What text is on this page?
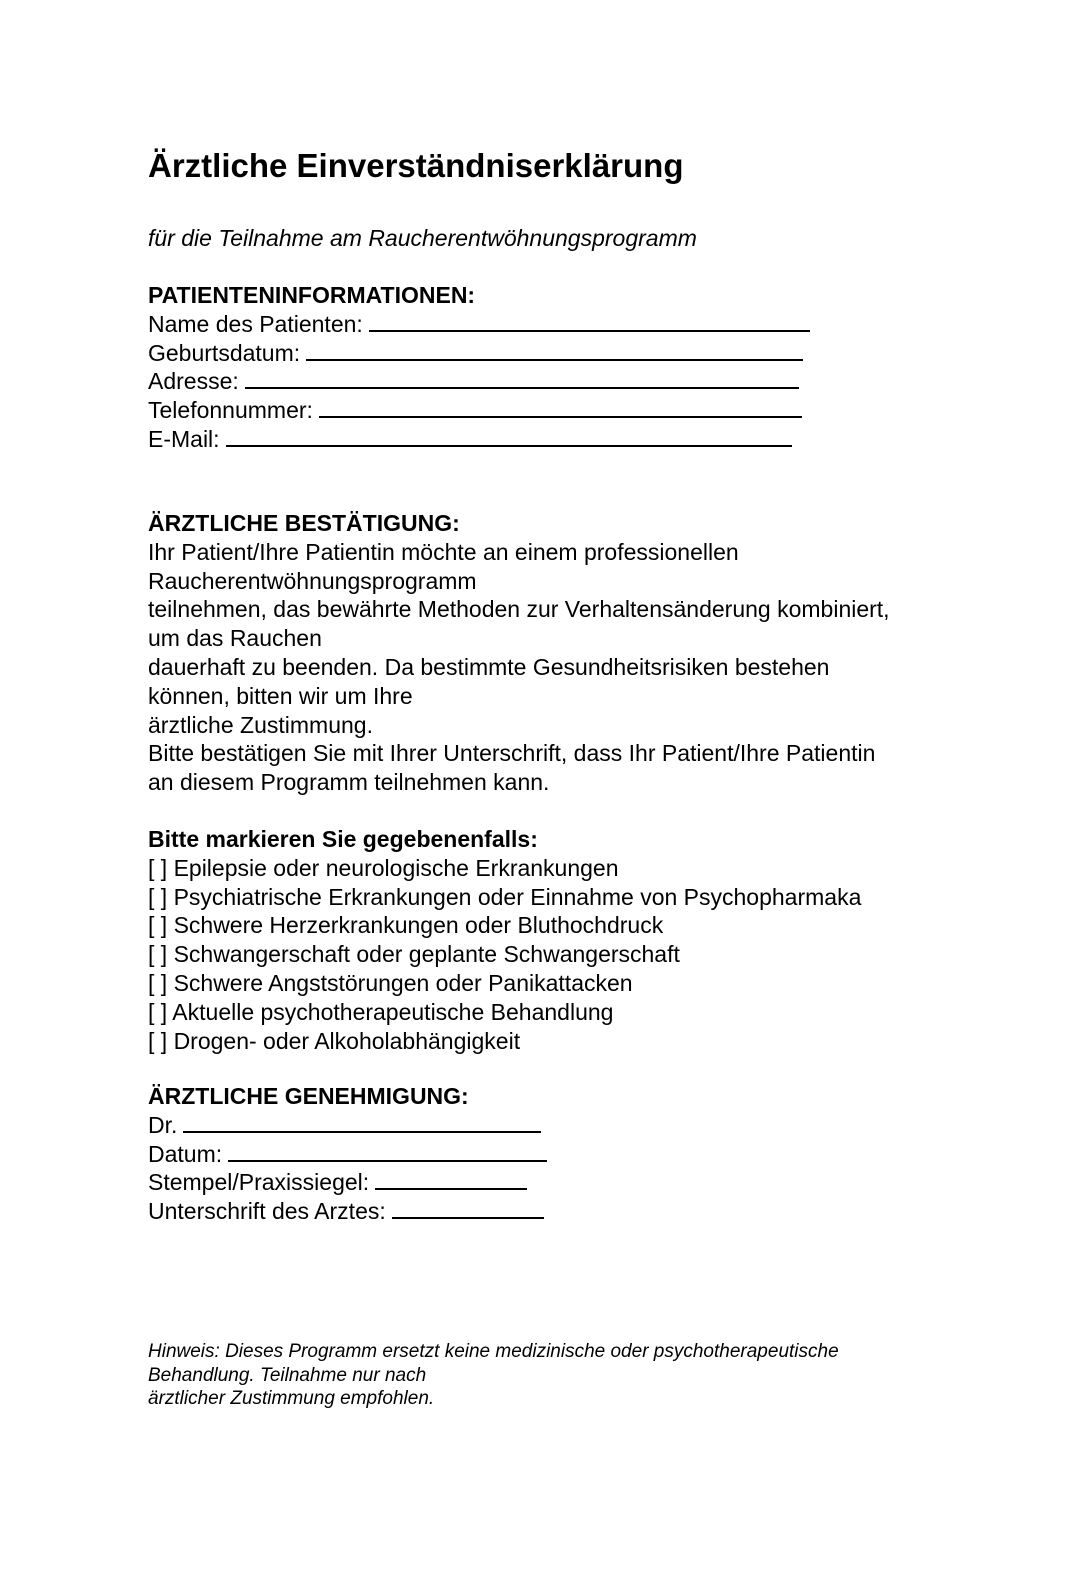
Ärztliche Einverständniserklärung

für die Teilnahme am Raucherentwöhnungsprogramm

PATIENTENINFORMATIONEN:
Name des Patienten:
Geburtsdatum:
Adresse:
Telefonnummer:
E-Mail:
ÄRZTLICHE BESTÄTIGUNG:
Ihr Patient/Ihre Patientin möchte an einem professionellen
Raucherentwöhnungsprogramm
teilnehmen, das bewährte Methoden zur Verhaltensänderung kombiniert,
um das Rauchen
dauerhaft zu beenden. Da bestimmte Gesundheitsrisiken bestehen
können, bitten wir um Ihre
ärztliche Zustimmung.
Bitte bestätigen Sie mit Ihrer Unterschrift, dass Ihr Patient/Ihre Patientin
an diesem Programm teilnehmen kann.
Bitte markieren Sie gegebenenfalls:
[ ] Epilepsie oder neurologische Erkrankungen
[ ] Psychiatrische Erkrankungen oder Einnahme von Psychopharmaka
[ ] Schwere Herzerkrankungen oder Bluthochdruck
[ ] Schwangerschaft oder geplante Schwangerschaft
[ ] Schwere Angststörungen oder Panikattacken
[ ] Aktuelle psychotherapeutische Behandlung
[ ] Drogen- oder Alkoholabhängigkeit
ÄRZTLICHE GENEHMIGUNG:
Dr.
Datum:
Stempel/Praxissiegel:
Unterschrift des Arztes:
Hinweis: Dieses Programm ersetzt keine medizinische oder psychotherapeutische
Behandlung. Teilnahme nur nach
ärztlicher Zustimmung empfohlen.
